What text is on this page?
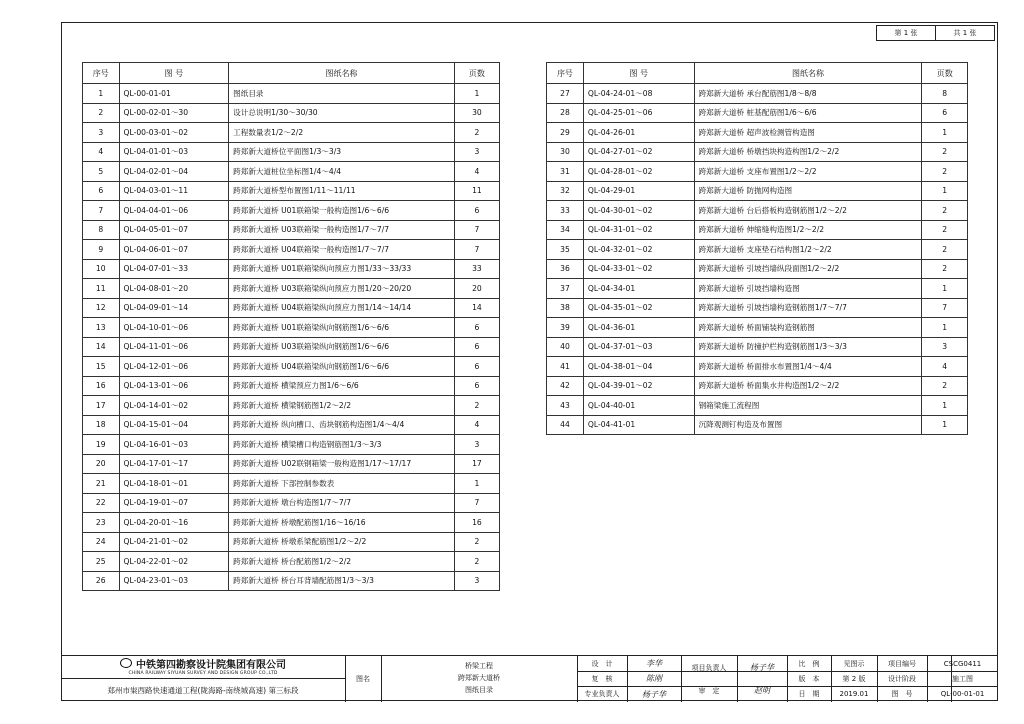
第 1 张	共 1 张
序号	图 号	图纸名称	页数
1	QL-00-01-01	图纸目录	1
2	QL-00-02-01～30	设计总说明1/30～30/30	30
3	QL-00-03-01～02	工程数量表1/2～2/2	2
4	QL-04-01-01～03	跨郑新大道桥位平面图1/3～3/3	3
5	QL-04-02-01～04	跨郑新大道桩位坐标图1/4～4/4	4
6	QL-04-03-01～11	跨郑新大道桥型布置图1/11～11/11	11
7	QL-04-04-01～06	跨郑新大道桥 U01联箱梁一般构造图1/6～6/6	6
8	QL-04-05-01～07	跨郑新大道桥 U03联箱梁一般构造图1/7～7/7	7
9	QL-04-06-01～07	跨郑新大道桥 U04联箱梁一般构造图1/7～7/7	7
10	QL-04-07-01～33	跨郑新大道桥 U01联箱梁纵向预应力图1/33～33/33	33
11	QL-04-08-01～20	跨郑新大道桥 U03联箱梁纵向预应力图1/20～20/20	20
12	QL-04-09-01～14	跨郑新大道桥 U04联箱梁纵向预应力图1/14～14/14	14
13	QL-04-10-01～06	跨郑新大道桥 U01联箱梁纵向钢筋图1/6～6/6	6
14	QL-04-11-01～06	跨郑新大道桥 U03联箱梁纵向钢筋图1/6～6/6	6
15	QL-04-12-01～06	跨郑新大道桥 U04联箱梁纵向钢筋图1/6～6/6	6
16	QL-04-13-01～06	跨郑新大道桥 横梁预应力图1/6～6/6	6
17	QL-04-14-01～02	跨郑新大道桥 横梁钢筋图1/2～2/2	2
18	QL-04-15-01～04	跨郑新大道桥 纵向槽口、齿块钢筋构造图1/4～4/4	4
19	QL-04-16-01～03	跨郑新大道桥 横梁槽口构造钢筋图1/3～3/3	3
20	QL-04-17-01～17	跨郑新大道桥 U02联钢箱梁一般构造图1/17～17/17	17
21	QL-04-18-01～01	跨郑新大道桥 下部控制参数表	1
22	QL-04-19-01～07	跨郑新大道桥 墩台构造图1/7～7/7	7
23	QL-04-20-01～16	跨郑新大道桥 桥墩配筋图1/16～16/16	16
24	QL-04-21-01～02	跨郑新大道桥 桥墩系梁配筋图1/2～2/2	2
25	QL-04-22-01～02	跨郑新大道桥 桥台配筋图1/2～2/2	2
26	QL-04-23-01～03	跨郑新大道桥 桥台耳背墙配筋图1/3～3/3	3
序号	图 号	图纸名称	页数
27	QL-04-24-01～08	跨郑新大道桥 承台配筋图1/8～8/8	8
28	QL-04-25-01～06	跨郑新大道桥 桩基配筋图1/6～6/6	6
29	QL-04-26-01	跨郑新大道桥 超声波检测管构造图	1
30	QL-04-27-01～02	跨郑新大道桥 桥墩挡块构造构图1/2～2/2	2
31	QL-04-28-01～02	跨郑新大道桥 支座布置图1/2～2/2	2
32	QL-04-29-01	跨郑新大道桥 防抛网构造图	1
33	QL-04-30-01～02	跨郑新大道桥 台后搭板构造钢筋图1/2～2/2	2
34	QL-04-31-01～02	跨郑新大道桥 伸缩缝构造图1/2～2/2	2
35	QL-04-32-01～02	跨郑新大道桥 支座垫石结构图1/2～2/2	2
36	QL-04-33-01～02	跨郑新大道桥 引坡挡墙纵段面图1/2～2/2	2
37	QL-04-34-01	跨郑新大道桥 引坡挡墙构造图	1
38	QL-04-35-01～02	跨郑新大道桥 引坡挡墙构造钢筋图1/7～7/7	7
39	QL-04-36-01	跨郑新大道桥 桥面铺装构造钢筋图	1
40	QL-04-37-01～03	跨郑新大道桥 防撞护栏构造钢筋图1/3～3/3	3
41	QL-04-38-01～04	跨郑新大道桥 桥面排水布置图1/4～4/4	4
42	QL-04-39-01～02	跨郑新大道桥 桥面集水井构造图1/2～2/2	2
43	QL-04-40-01	钢箱梁施工流程图	1
44	QL-04-41-01	沉降观测钉构造及布置图	1
中铁第四勘察设计院集团有限公司
CHINA RAILWAY SIYUAN SURVEY AND DESIGN GROUP CO.,LTD
郑州市粜西路快速通道工程(陇海路-南绕城高速) 第三标段
图名
桥梁工程
跨郑新大道桥
图纸目录
设　计
复　核
专业负责人
李华
陈刚
杨子华
项目负责人
审　定
杨子华
赵明
比　例
版　本
日　期
见图示
第 2 版
2019.01
项目编号
设计阶段
图　号
CSCG0411
施工图
QL-00-01-01
